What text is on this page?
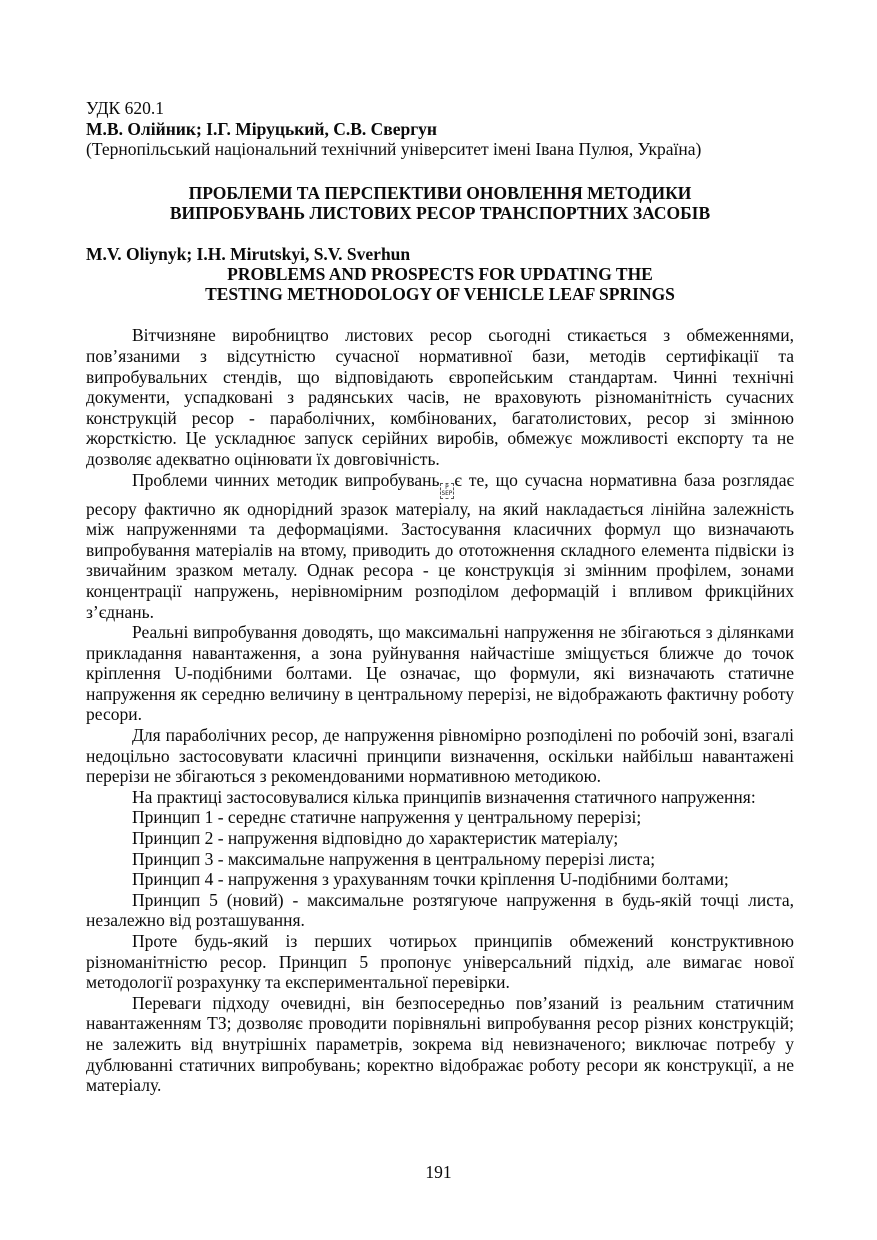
УДК 620.1
М.В. Олійник; І.Г. Міруцький, С.В. Свергун
(Тернопільський національний технічний університет імені Івана Пулюя, Україна)
ПРОБЛЕМИ ТА ПЕРСПЕКТИВИ ОНОВЛЕННЯ МЕТОДИКИ
ВИПРОБУВАНЬ ЛИСТОВИХ РЕСОР ТРАНСПОРТНИХ ЗАСОБІВ
M.V. Oliynyk; I.H. Mirutskyi, S.V. Sverhun
PROBLEMS AND PROSPECTS FOR UPDATING THE
TESTING METHODOLOGY OF VEHICLE LEAF SPRINGS

Вітчизняне виробництво листових ресор сьогодні стикається з обмеженнями, пов’язаними з відсутністю сучасної нормативної бази, методів сертифікації та випробувальних стендів, що відповідають європейським стандартам. Чинні технічні документи, успадковані з радянських часів, не враховують різноманітність сучасних конструкцій ресор - параболічних, комбінованих, багатолистових, ресор зі змінною жорсткістю. Це ускладнює запуск серійних виробів, обмежує можливості експорту та не дозволяє адекватно оцінювати їх довговічність.

Проблеми чинних методик випробувань P
SEP
є те, що сучасна нормативна база розглядає ресору фактично як однорідний зразок матеріалу, на який накладається лінійна залежність між напруженнями та деформаціями. Застосування класичних формул що визначають випробування матеріалів на втому, приводить до ототожнення складного елемента підвіски із звичайним зразком металу. Однак ресора - це конструкція зі змінним профілем, зонами концентрації напружень, нерівномірним розподілом деформацій і впливом фрикційних з’єднань.

Реальні випробування доводять, що максимальні напруження не збігаються з ділянками прикладання навантаження, а зона руйнування найчастіше зміщується ближче до точок кріплення U-подібними болтами. Це означає, що формули, які визначають статичне напруження як середню величину в центральному перерізі, не відображають фактичну роботу ресори.

Для параболічних ресор, де напруження рівномірно розподілені по робочій зоні, взагалі недоцільно застосовувати класичні принципи визначення, оскільки найбільш навантажені перерізи не збігаються з рекомендованими нормативною методикою.

На практиці застосовувалися кілька принципів визначення статичного напруження:

Принцип 1 - середнє статичне напруження у центральному перерізі;

Принцип 2 - напруження відповідно до характеристик матеріалу;

Принцип 3 - максимальне напруження в центральному перерізі листа;

Принцип 4 - напруження з урахуванням точки кріплення U-подібними болтами;

Принцип 5 (новий) - максимальне розтягуюче напруження в будь-якій точці листа, незалежно від розташування.

Проте будь-який із перших чотирьох принципів обмежений конструктивною різноманітністю ресор. Принцип 5 пропонує універсальний підхід, але вимагає нової методології розрахунку та експериментальної перевірки.

Переваги підходу очевидні, він безпосередньо пов’язаний із реальним статичним навантаженням ТЗ; дозволяє проводити порівняльні випробування ресор різних конструкцій; не залежить від внутрішніх параметрів, зокрема від невизначеного; виключає потребу у дублюванні статичних випробувань; коректно відображає роботу ресори як конструкції, а не матеріалу.

191
